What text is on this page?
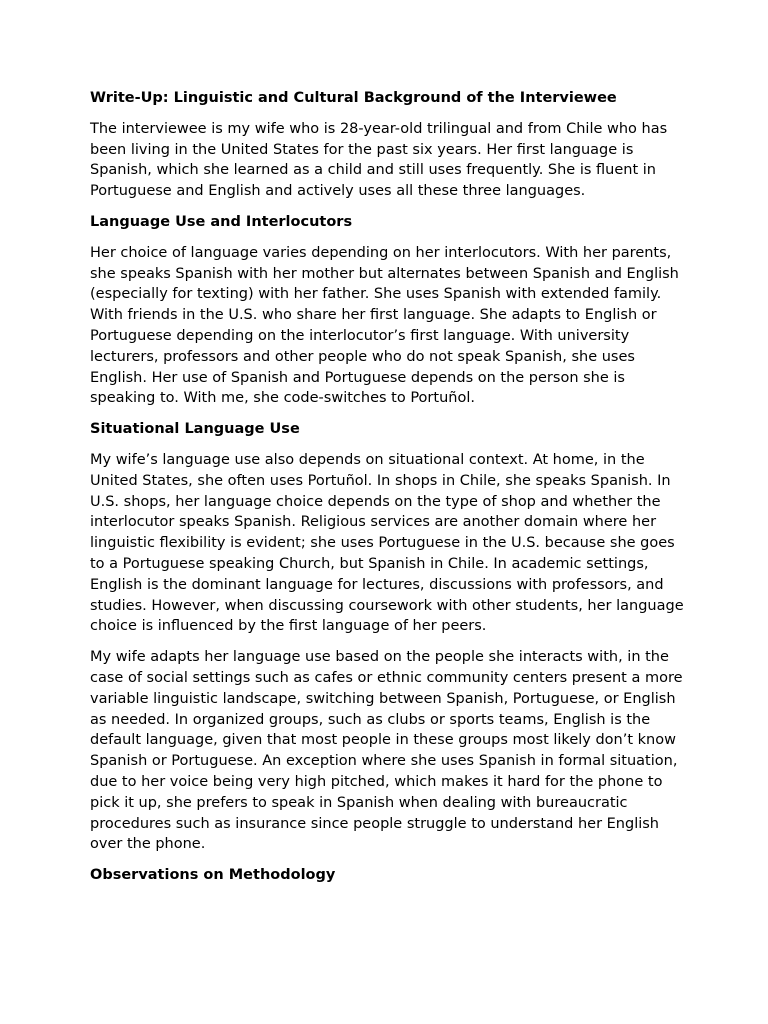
Write-Up: Linguistic and Cultural Background of the Interviewee

The interviewee is my wife who is 28-year-old trilingual and from Chile who has been living in the United States for the past six years. Her first language is Spanish, which she learned as a child and still uses frequently. She is fluent in Portuguese and English and actively uses all these three languages.

Language Use and Interlocutors

Her choice of language varies depending on her interlocutors. With her parents, she speaks Spanish with her mother but alternates between Spanish and English (especially for texting) with her father. She uses Spanish with extended family. With friends in the U.S. who share her first language. She adapts to English or Portuguese depending on the interlocutor’s first language. With university lecturers, professors and other people who do not speak Spanish, she uses English. Her use of Spanish and Portuguese depends on the person she is speaking to. With me, she code-switches to Portuñol.

Situational Language Use

My wife’s language use also depends on situational context. At home, in the United States, she often uses Portuñol. In shops in Chile, she speaks Spanish. In U.S. shops, her language choice depends on the type of shop and whether the interlocutor speaks Spanish. Religious services are another domain where her linguistic flexibility is evident; she uses Portuguese in the U.S. because she goes to a Portuguese speaking Church, but Spanish in Chile. In academic settings, English is the dominant language for lectures, discussions with professors, and studies. However, when discussing coursework with other students, her language choice is influenced by the first language of her peers.

My wife adapts her language use based on the people she interacts with, in the case of social settings such as cafes or ethnic community centers present a more variable linguistic landscape, switching between Spanish, Portuguese, or English as needed. In organized groups, such as clubs or sports teams, English is the default language, given that most people in these groups most likely don’t know Spanish or Portuguese. An exception where she uses Spanish in formal situation, due to her voice being very high pitched, which makes it hard for the phone to pick it up, she prefers to speak in Spanish when dealing with bureaucratic procedures such as insurance since people struggle to understand her English over the phone.

Observations on Methodology
